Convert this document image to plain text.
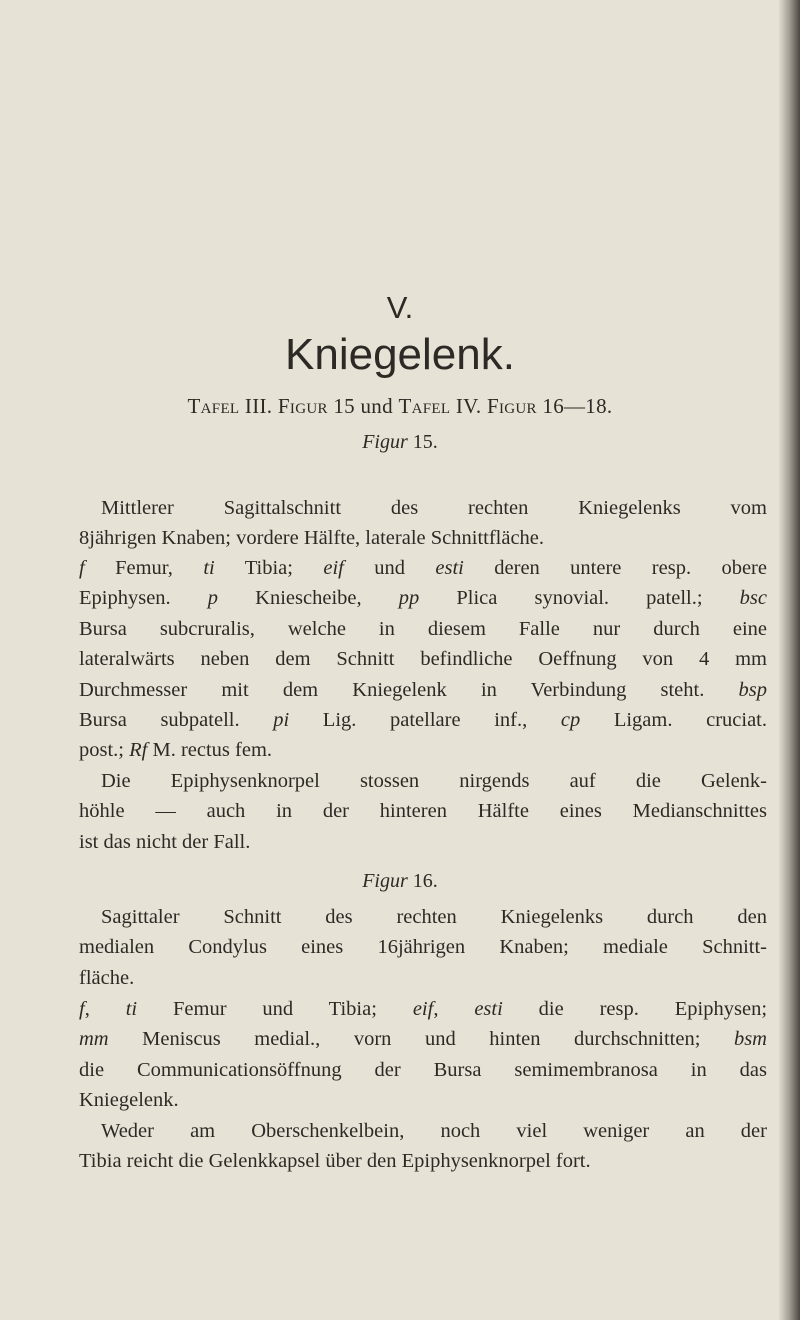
V.
Kniegelenk.
Tafel III. Figur 15 und Tafel IV. Figur 16—18.
Figur 15.
Mittlerer Sagittalschnitt des rechten Kniegelenks vom
8jährigen Knaben; vordere Hälfte, laterale Schnittfläche.
f Femur, ti Tibia; eif und esti deren untere resp. obere
Epiphysen. p Kniescheibe, pp Plica synovial. patell.; bsc
Bursa subcruralis, welche in diesem Falle nur durch eine
lateralwärts neben dem Schnitt befindliche Oeffnung von 4 mm
Durchmesser mit dem Kniegelenk in Verbindung steht. bsp
Bursa subpatell. pi Lig. patellare inf., cp Ligam. cruciat.
post.; Rf M. rectus fem.
Die Epiphysenknorpel stossen nirgends auf die Gelenk-
höhle — auch in der hinteren Hälfte eines Medianschnittes
ist das nicht der Fall.
Figur 16.
Sagittaler Schnitt des rechten Kniegelenks durch den
medialen Condylus eines 16jährigen Knaben; mediale Schnitt-
fläche.
f, ti Femur und Tibia; eif, esti die resp. Epiphysen;
mm Meniscus medial., vorn und hinten durchschnitten; bsm
die Communicationsöffnung der Bursa semimembranosa in das
Kniegelenk.
Weder am Oberschenkelbein, noch viel weniger an der
Tibia reicht die Gelenkkapsel über den Epiphysenknorpel fort.
